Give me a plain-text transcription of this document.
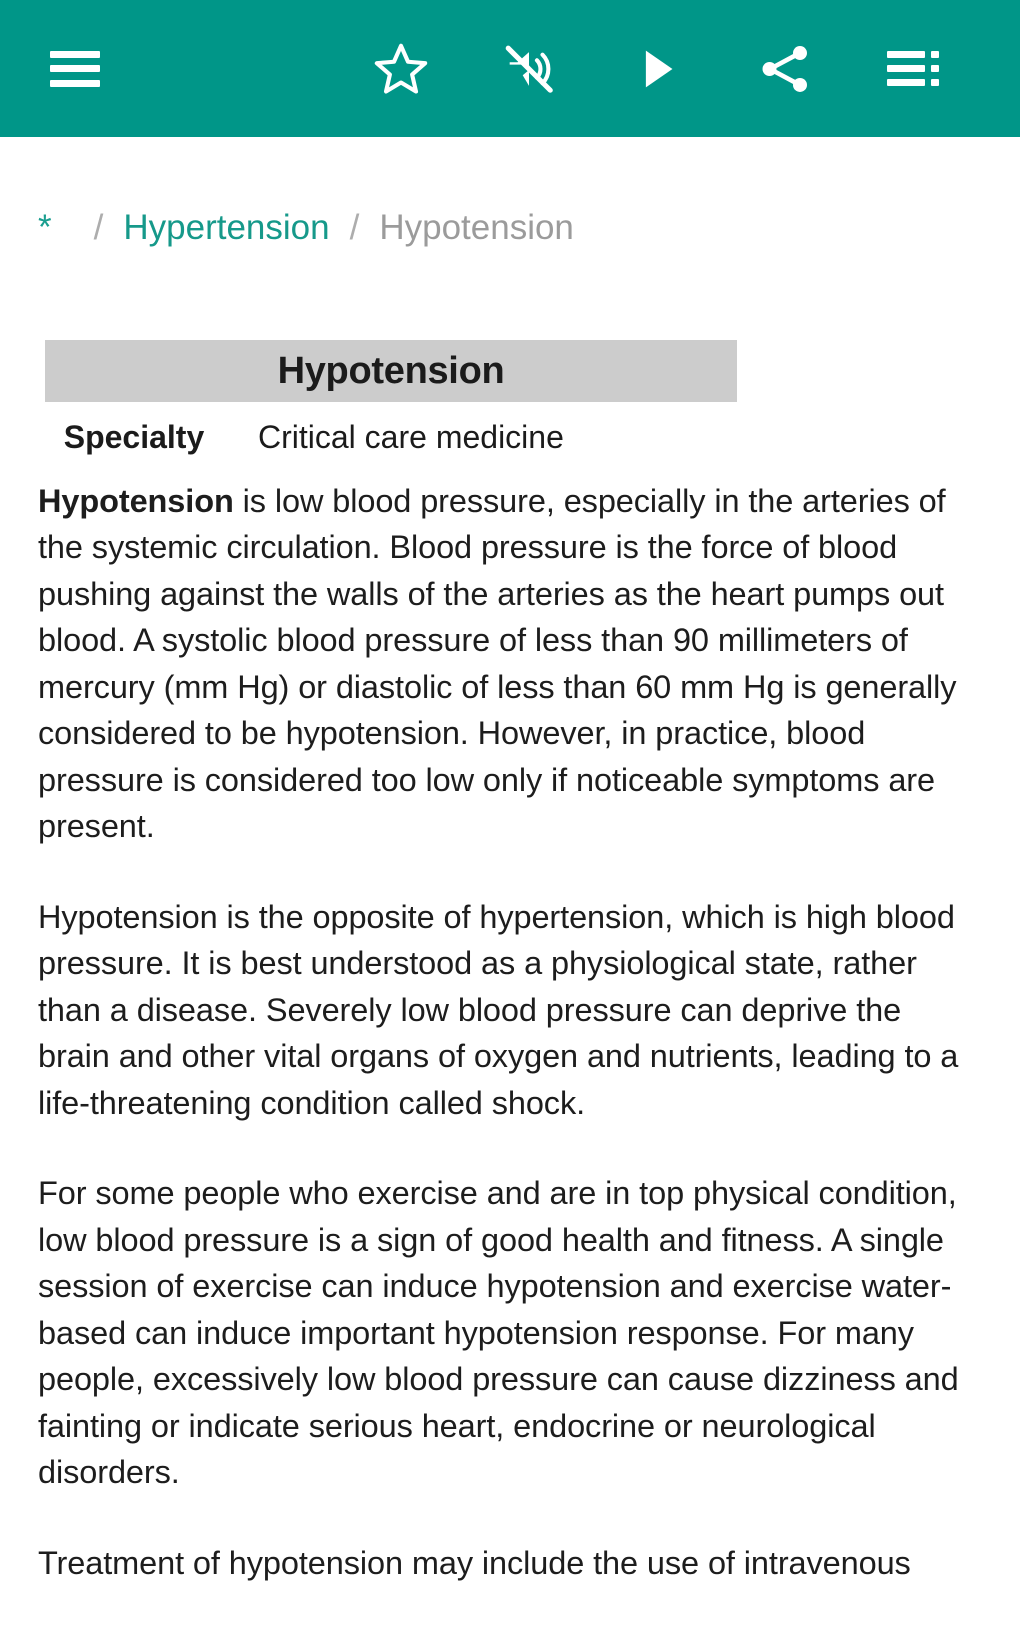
*	/ Hypertension / Hypotension
Hypotension
Specialty	Critical care medicine

Hypotension is low blood pressure, especially in the arteries of the systemic circulation. Blood pressure is the force of blood pushing against the walls of the arteries as the heart pumps out blood. A systolic blood pressure of less than 90 millimeters of mercury (mm Hg) or diastolic of less than 60 mm Hg is generally considered to be hypotension. However, in practice, blood pressure is considered too low only if noticeable symptoms are present.

Hypotension is the opposite of hypertension, which is high blood pressure. It is best understood as a physiological state, rather than a disease. Severely low blood pressure can deprive the brain and other vital organs of oxygen and nutrients, leading to a life-threatening condition called shock.

For some people who exercise and are in top physical condition, low blood pressure is a sign of good health and fitness. A single session of exercise can induce hypotension and exercise water-based can induce important hypotension response. For many people, excessively low blood pressure can cause dizziness and fainting or indicate serious heart, endocrine or neurological disorders.

Treatment of hypotension may include the use of intravenous
